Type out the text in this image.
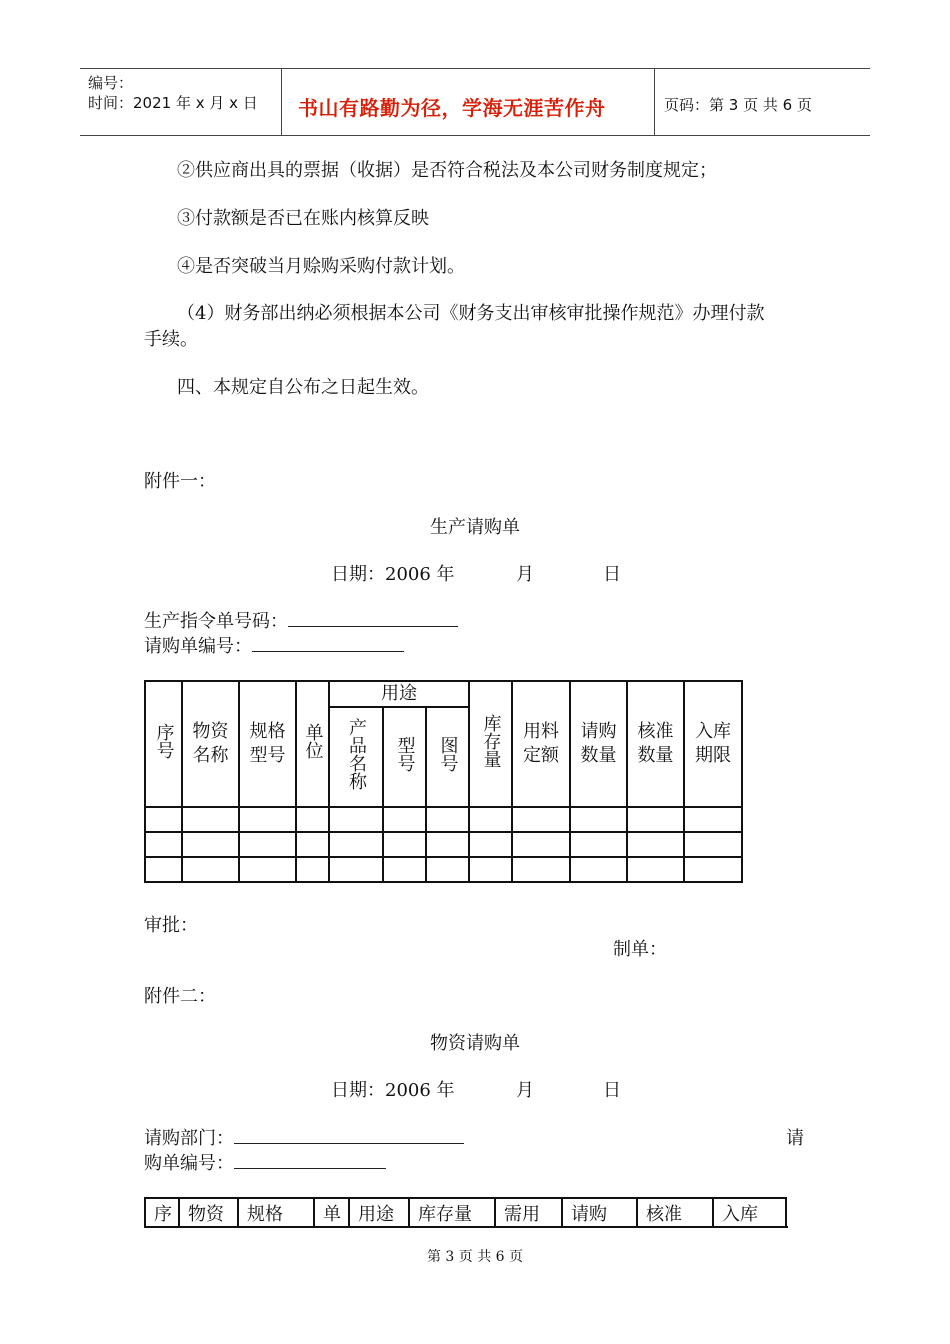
编号：
时间：2021 年 x 月 x 日 书山有路勤为径，学海无涯苦作舟	页码：第 3 页 共 6 页
②供应商出具的票据（收据）是否符合税法及本公司财务制度规定；
③付款额是否已在账内核算反映
④是否突破当月赊购采购付款计划。
（4）财务部出纳必须根据本公司《财务支出审核审批操作规范》办理付款
手续。
四、本规定自公布之日起生效。
附件一：
生产请购单
日期：2006 年	月	日
生产指令单号码：
请购单编号：
序号	物资名称	规格型号	单位	用途			库存量	用料定额	请购数量	核准数量	入库期限

				产品名称	型号	图号					

审批：
制单：
附件二：
物资请购单
日期：2006 年	月	日
请购部门：	请
购单编号：
序	物资	规格	单	用途	库存量	需用	请购	核准	入库
第 3 页 共 6 页
